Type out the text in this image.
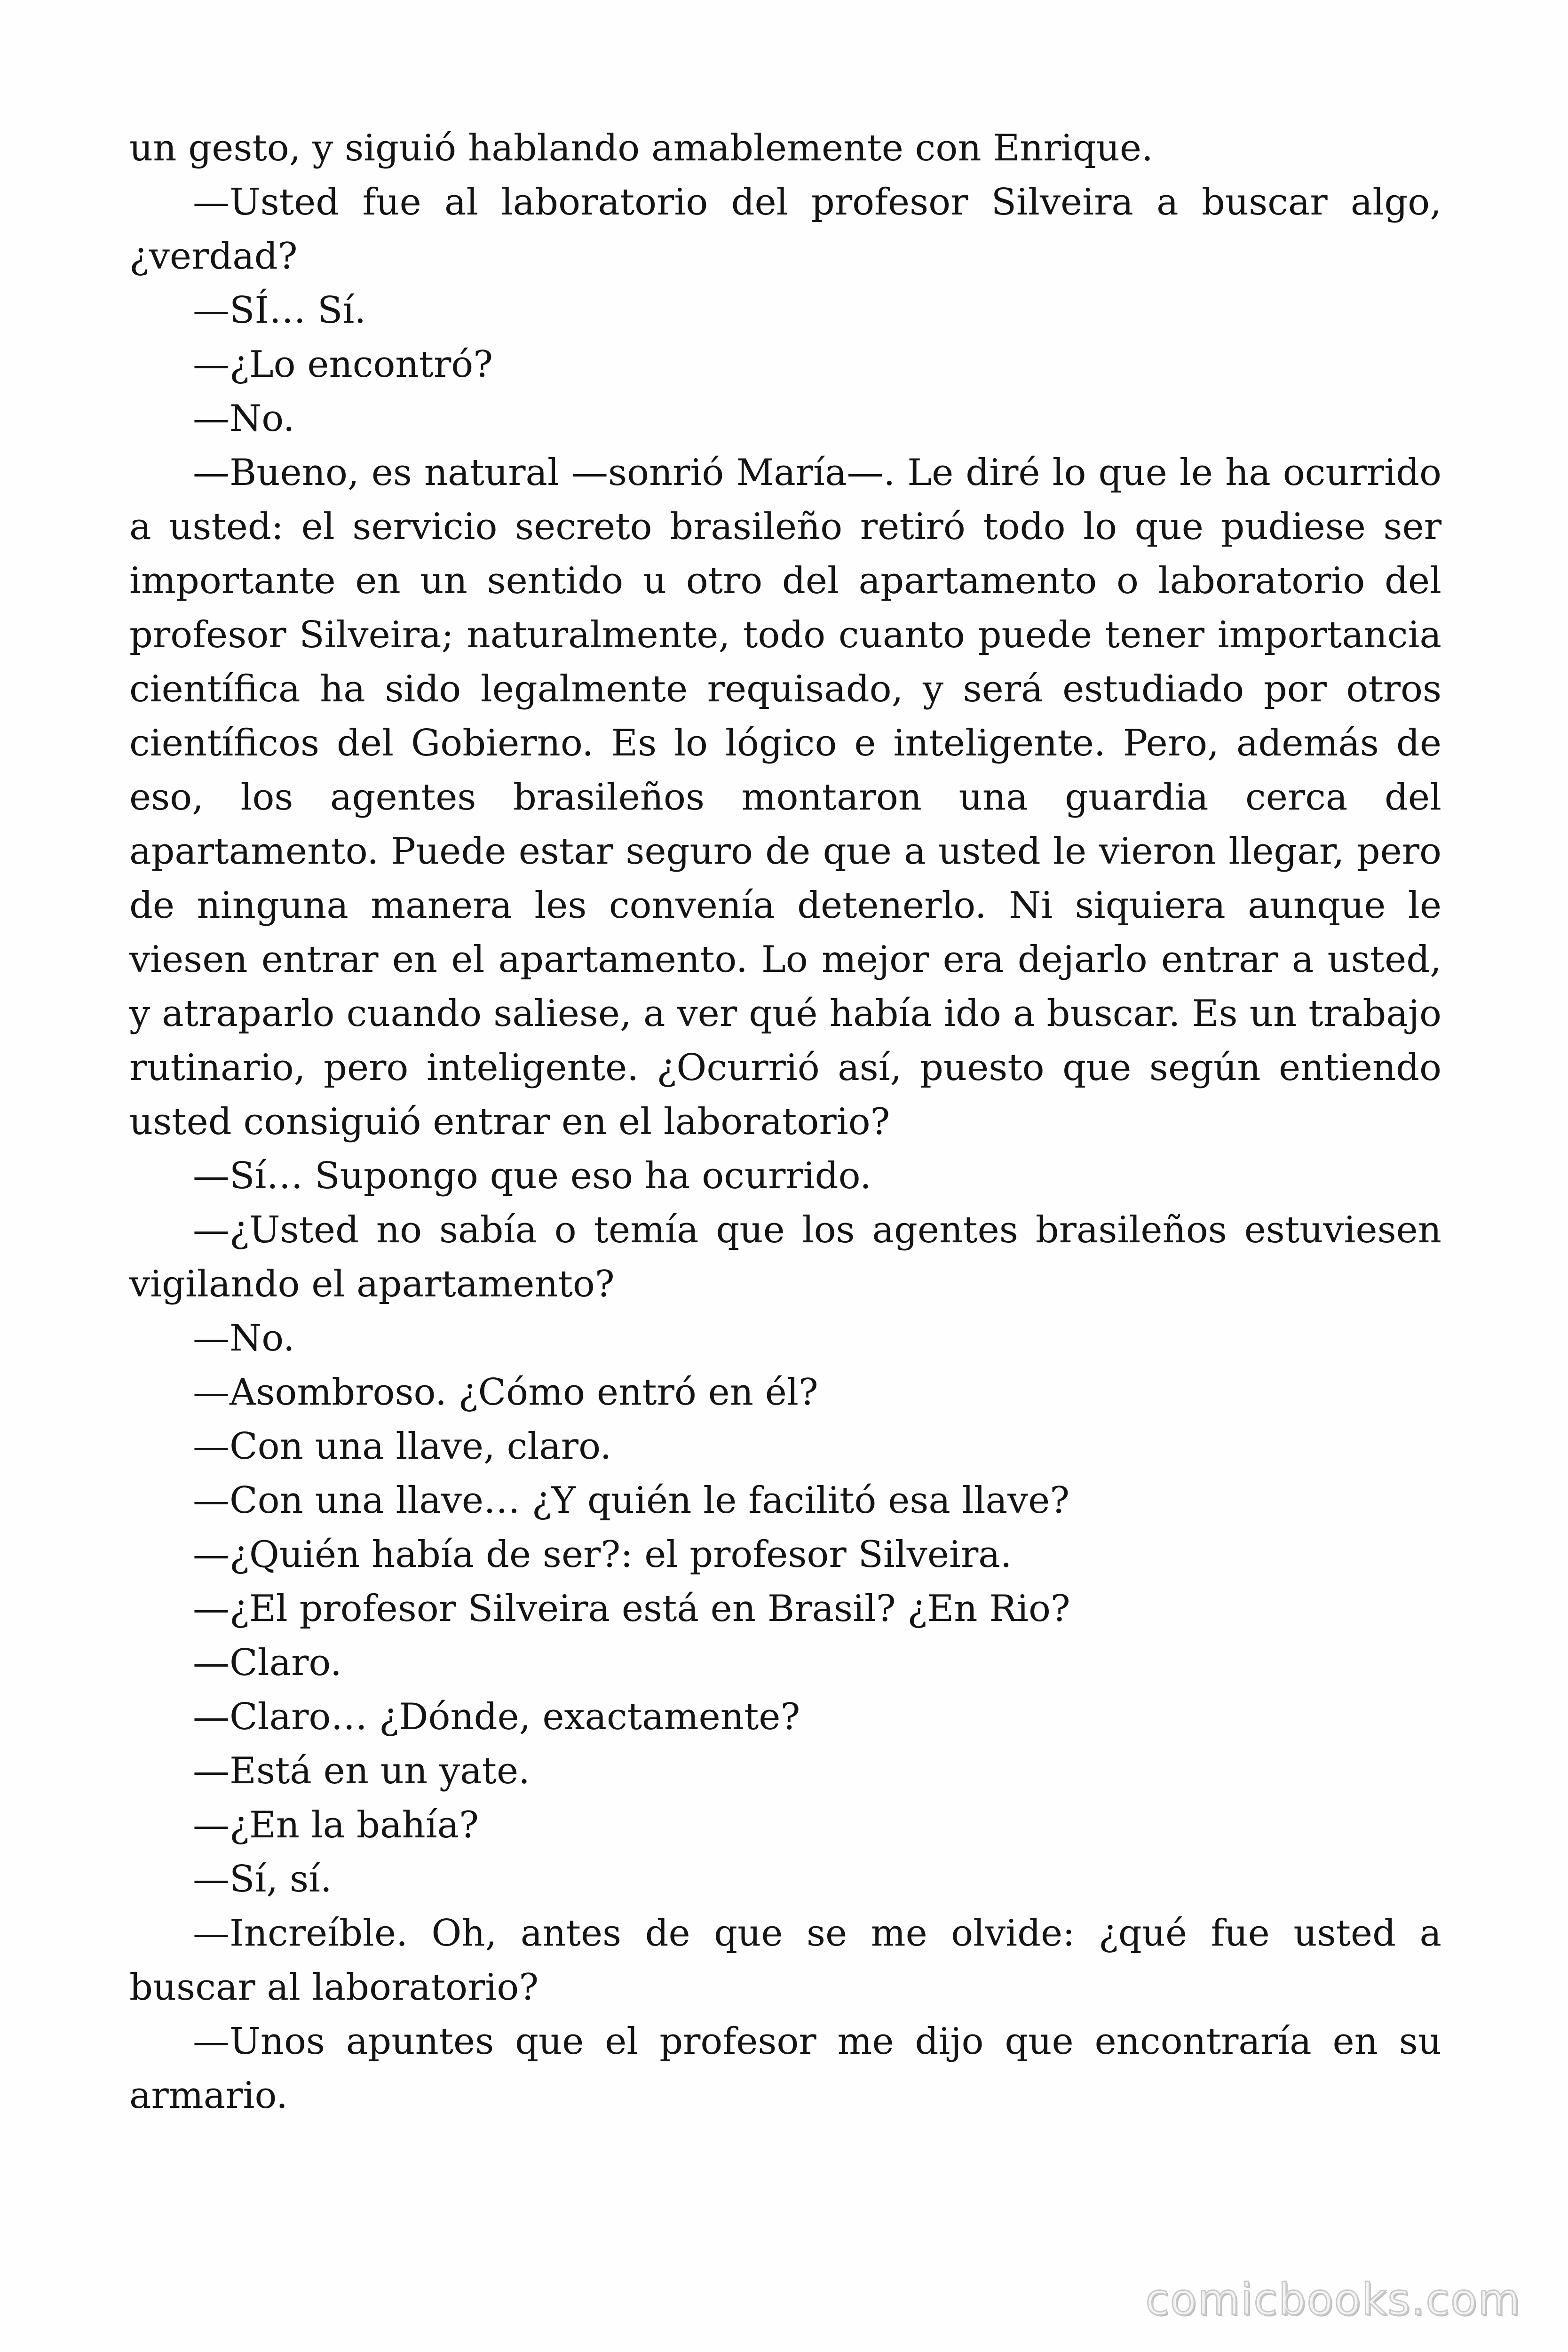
un gesto, y siguió hablando amablemente con Enrique.

—Usted fue al laboratorio del profesor Silveira a buscar algo, ¿verdad?

—SÍ… Sí.

—¿Lo encontró?

—No.

—Bueno, es natural —sonrió María—. Le diré lo que le ha ocurrido a usted: el servicio secreto brasileño retiró todo lo que pudiese ser importante en un sentido u otro del apartamento o laboratorio del profesor Silveira; naturalmente, todo cuanto puede tener importancia científica ha sido legalmente requisado, y será estudiado por otros científicos del Gobierno. Es lo lógico e inteligente. Pero, además de eso, los agentes brasileños montaron una guardia cerca del apartamento. Puede estar seguro de que a usted le vieron llegar, pero de ninguna manera les convenía detenerlo. Ni siquiera aunque le viesen entrar en el apartamento. Lo mejor era dejarlo entrar a usted, y atraparlo cuando saliese, a ver qué había ido a buscar. Es un trabajo rutinario, pero inteligente. ¿Ocurrió así, puesto que según entiendo usted consiguió entrar en el laboratorio?

—Sí… Supongo que eso ha ocurrido.

—¿Usted no sabía o temía que los agentes brasileños estuviesen vigilando el apartamento?

—No.

—Asombroso. ¿Cómo entró en él?

—Con una llave, claro.

—Con una llave… ¿Y quién le facilitó esa llave?

—¿Quién había de ser?: el profesor Silveira.

—¿El profesor Silveira está en Brasil? ¿En Rio?

—Claro.

—Claro… ¿Dónde, exactamente?

—Está en un yate.

—¿En la bahía?

—Sí, sí.

—Increíble. Oh, antes de que se me olvide: ¿qué fue usted a buscar al laboratorio?

—Unos apuntes que el profesor me dijo que encontraría en su armario.

comicbooks.com
